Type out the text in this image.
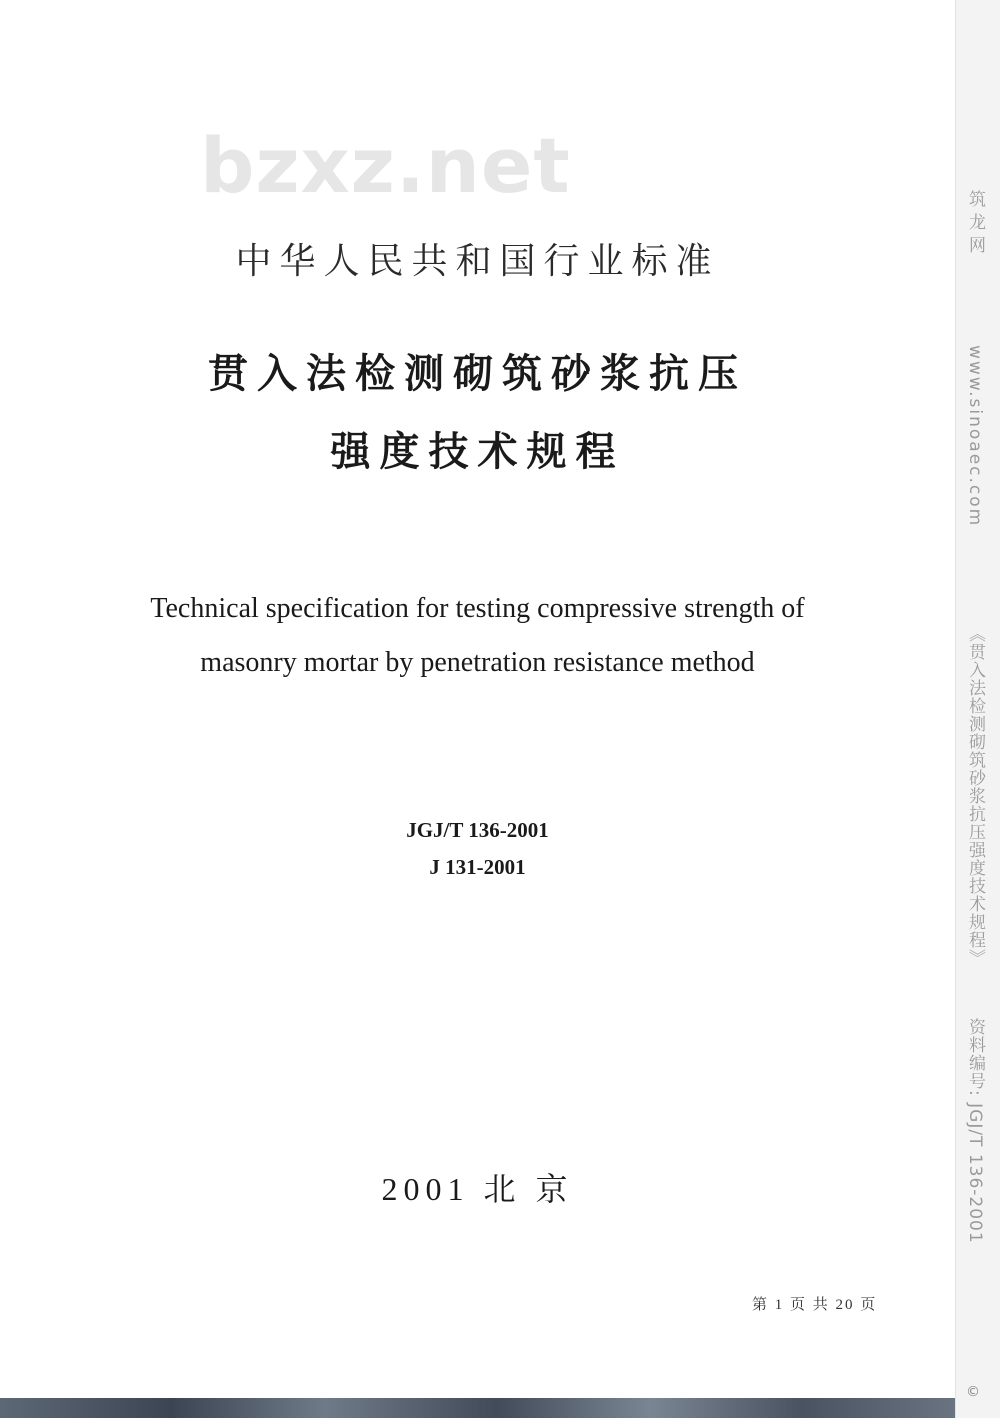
bzxz.net
中华人民共和国行业标准
贯入法检测砌筑砂浆抗压
强度技术规程
Technical specification for testing compressive strength of
masonry mortar by penetration resistance method
JGJ/T 136-2001
J 131-2001
2001 北 京
第 1 页 共 20 页
筑龙网
www.sinoaec.com
《贯入法检测砌筑砂浆抗压强度技术规程》
资料编号: JGJ/T 136-2001
©
